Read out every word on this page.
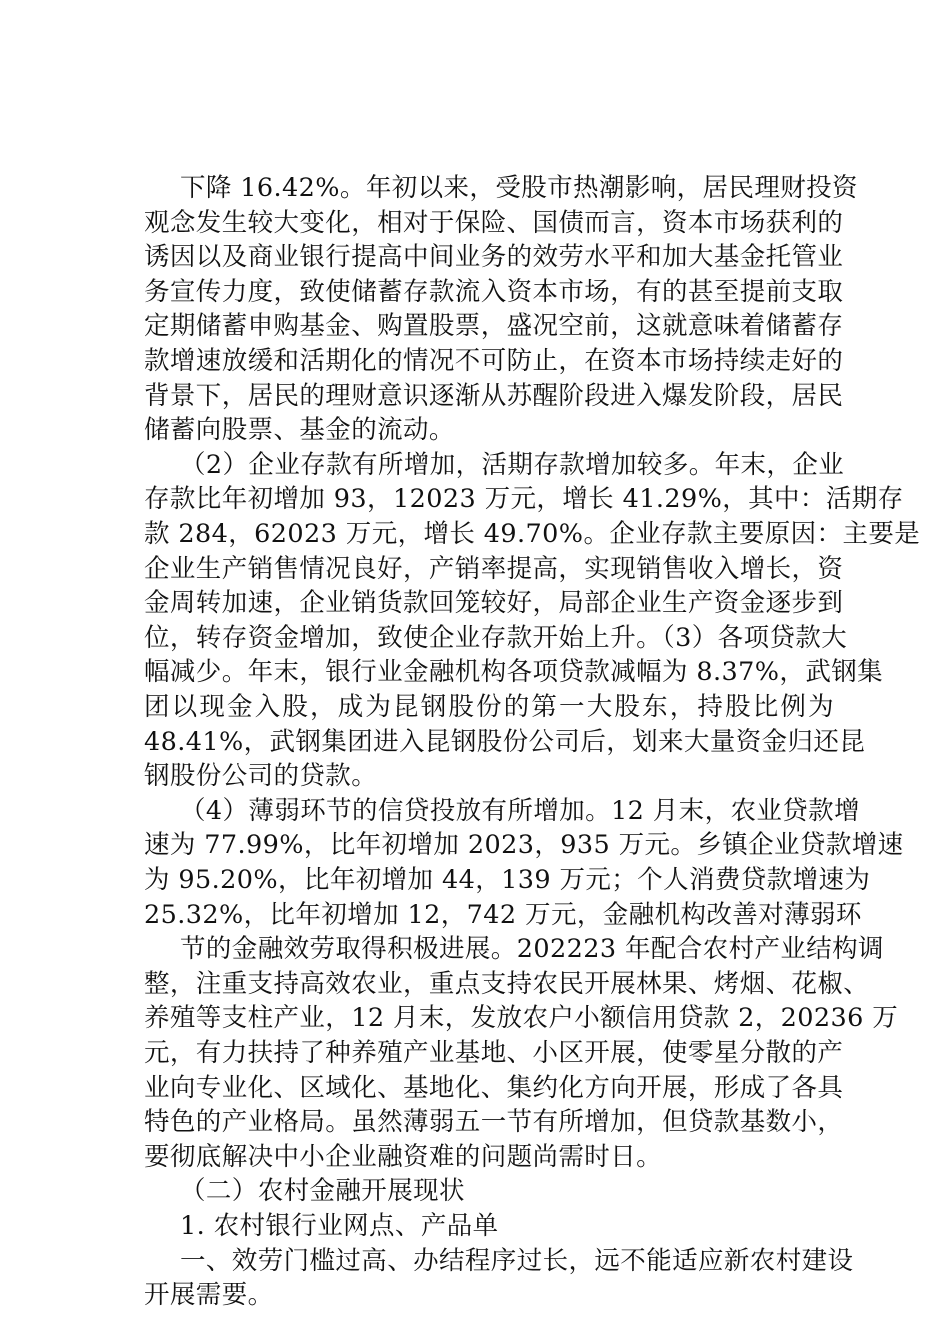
下降 16.42%。年初以来，受股市热潮影响，居民理财投资
观念发生较大变化，相对于保险、国债而言，资本市场获利的
诱因以及商业银行提高中间业务的效劳水平和加大基金托管业
务宣传力度，致使储蓄存款流入资本市场，有的甚至提前支取
定期储蓄申购基金、购置股票，盛况空前，这就意味着储蓄存
款增速放缓和活期化的情况不可防止，在资本市场持续走好的
背景下，居民的理财意识逐渐从苏醒阶段进入爆发阶段，居民
储蓄向股票、基金的流动。
（2）企业存款有所增加，活期存款增加较多。年末，企业
存款比年初增加 93，12023 万元，增长 41.29%，其中：活期存
款 284，62023 万元，增长 49.70%。企业存款主要原因：主要是
企业生产销售情况良好，产销率提高，实现销售收入增长，资
金周转加速，企业销货款回笼较好，局部企业生产资金逐步到
位，转存资金增加，致使企业存款开始上升。（3）各项贷款大
幅减少。年末，银行业金融机构各项贷款减幅为 8.37%，武钢集
团以现金入股，成为昆钢股份的第一大股东，持股比例为
48.41%，武钢集团进入昆钢股份公司后，划来大量资金归还昆
钢股份公司的贷款。
（4）薄弱环节的信贷投放有所增加。12 月末，农业贷款增
速为 77.99%，比年初增加 2023，935 万元。乡镇企业贷款增速
为 95.20%，比年初增加 44，139 万元；个人消费贷款增速为
25.32%，比年初增加 12，742 万元，金融机构改善对薄弱环
节的金融效劳取得积极进展。202223 年配合农村产业结构调
整，注重支持高效农业，重点支持农民开展林果、烤烟、花椒、
养殖等支柱产业，12 月末，发放农户小额信用贷款 2，20236 万
元，有力扶持了种养殖产业基地、小区开展，使零星分散的产
业向专业化、区域化、基地化、集约化方向开展，形成了各具
特色的产业格局。虽然薄弱五一节有所增加，但贷款基数小，
要彻底解决中小企业融资难的问题尚需时日。
（二）农村金融开展现状
1. 农村银行业网点、产品单
一、效劳门槛过高、办结程序过长，远不能适应新农村建设
开展需要。
